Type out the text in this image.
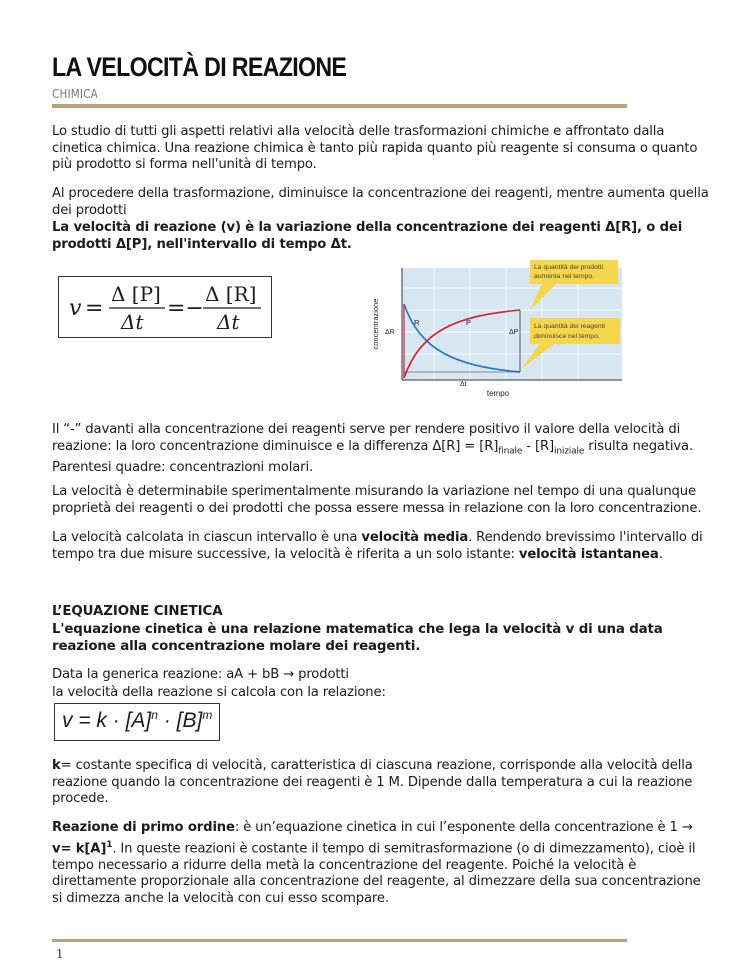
LA VELOCITÀ DI REAZIONE
CHIMICA
Lo studio di tutti gli aspetti relativi alla velocità delle trasformazioni chimiche e affrontato dalla cinetica chimica. Una reazione chimica è tanto più rapida quanto più reagente si consuma o quanto più prodotto si forma nell'unità di tempo.
Al procedere della trasformazione, diminuisce la concentrazione dei reagenti, mentre aumenta quella dei prodotti
La velocità di reazione (v) è la variazione della concentrazione dei reagenti Δ[R], o dei prodotti Δ[P], nell'intervallo di tempo Δt.
v =
Δ [P]
Δt
=−
Δ [R]
Δt	concentrazione
tempo
R	P
ΔR	ΔP
Δt
La quantità dei prodotti
aumenta nel tempo.
La quantità dei reagenti
diminuisce nel tempo.
Il “-” davanti alla concentrazione dei reagenti serve per rendere positivo il valore della velocità di reazione: la loro concentrazione diminuisce e la differenza $\Delta[R] = [R]_{finale} - [R]_{iniziale}$ risulta negativa.
Parentesi quadre: concentrazioni molari.
La velocità è determinabile sperimentalmente misurando la variazione nel tempo di una qualunque proprietà dei reagenti o dei prodotti che possa essere messa in relazione con la loro concentrazione.
La velocità calcolata in ciascun intervallo è una velocità media. Rendendo brevissimo l'intervallo di tempo tra due misure successive, la velocità è riferita a un solo istante: velocità istantanea.
L’EQUAZIONE CINETICA
L'equazione cinetica è una relazione matematica che lega la velocità v di una data reazione alla concentrazione molare dei reagenti.
Data la generica reazione: aA + bB → prodotti
la velocità della reazione si calcola con la relazione:
$v = k \cdot [A]^n \cdot [B]^m$
k= costante specifica di velocità, caratteristica di ciascuna reazione, corrisponde alla velocità della reazione quando la concentrazione dei reagenti è 1 M. Dipende dalla temperatura a cui la reazione procede.
Reazione di primo ordine: è un’equazione cinetica in cui l’esponente della concentrazione è 1 →
$v= k[A]^1$. In queste reazioni è costante il tempo di semitrasformazione (o di dimezzamento), cioè il tempo necessario a ridurre della metà la concentrazione del reagente. Poiché la velocità è direttamente proporzionale alla concentrazione del reagente, al dimezzare della sua concentrazione si dimezza anche la velocità con cui esso scompare.
1
